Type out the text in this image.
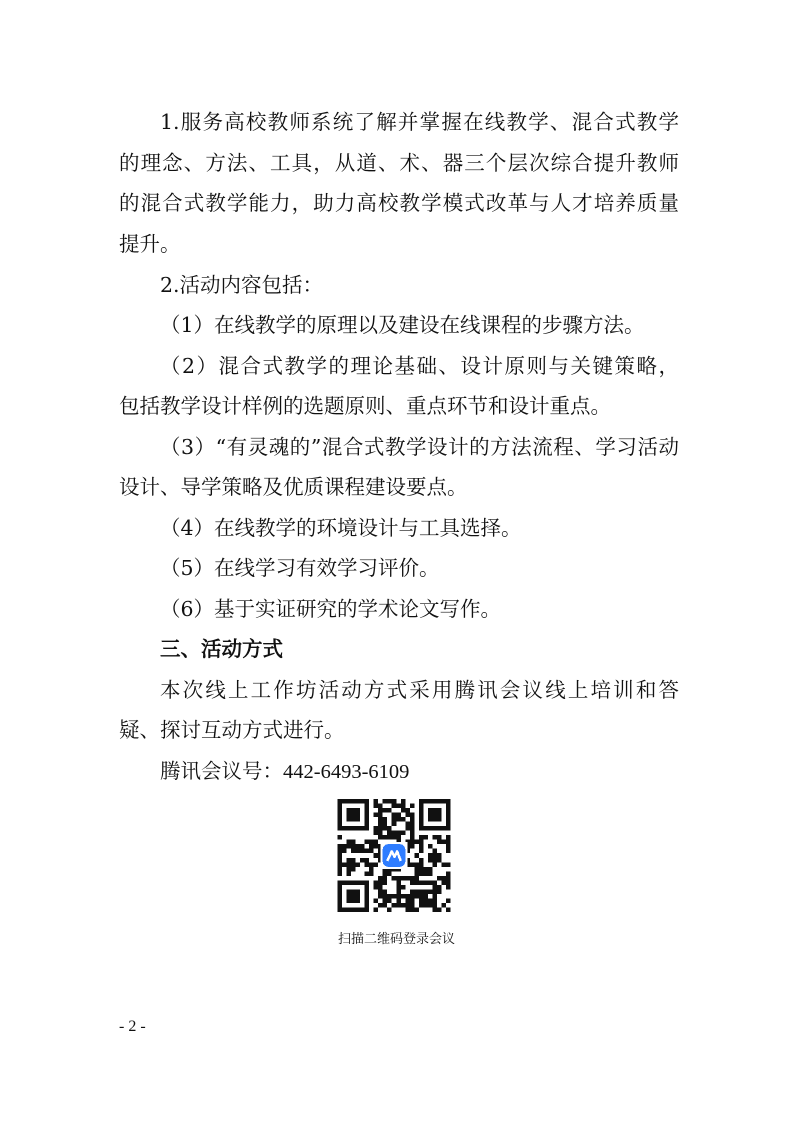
1.服务高校教师系统了解并掌握在线教学、混合式教学
的理念、方法、工具，从道、术、器三个层次综合提升教师
的混合式教学能力，助力高校教学模式改革与人才培养质量
提升。
2.活动内容包括：
（1）在线教学的原理以及建设在线课程的步骤方法。
（2）混合式教学的理论基础、设计原则与关键策略，
包括教学设计样例的选题原则、重点环节和设计重点。
（3）“有灵魂的”混合式教学设计的方法流程、学习活动
设计、导学策略及优质课程建设要点。
（4）在线教学的环境设计与工具选择。
（5）在线学习有效学习评价。
（6）基于实证研究的学术论文写作。
三、活动方式
本次线上工作坊活动方式采用腾讯会议线上培训和答
疑、探讨互动方式进行。
腾讯会议号：442-6493-6109
扫描二维码登录会议
- 2 -
